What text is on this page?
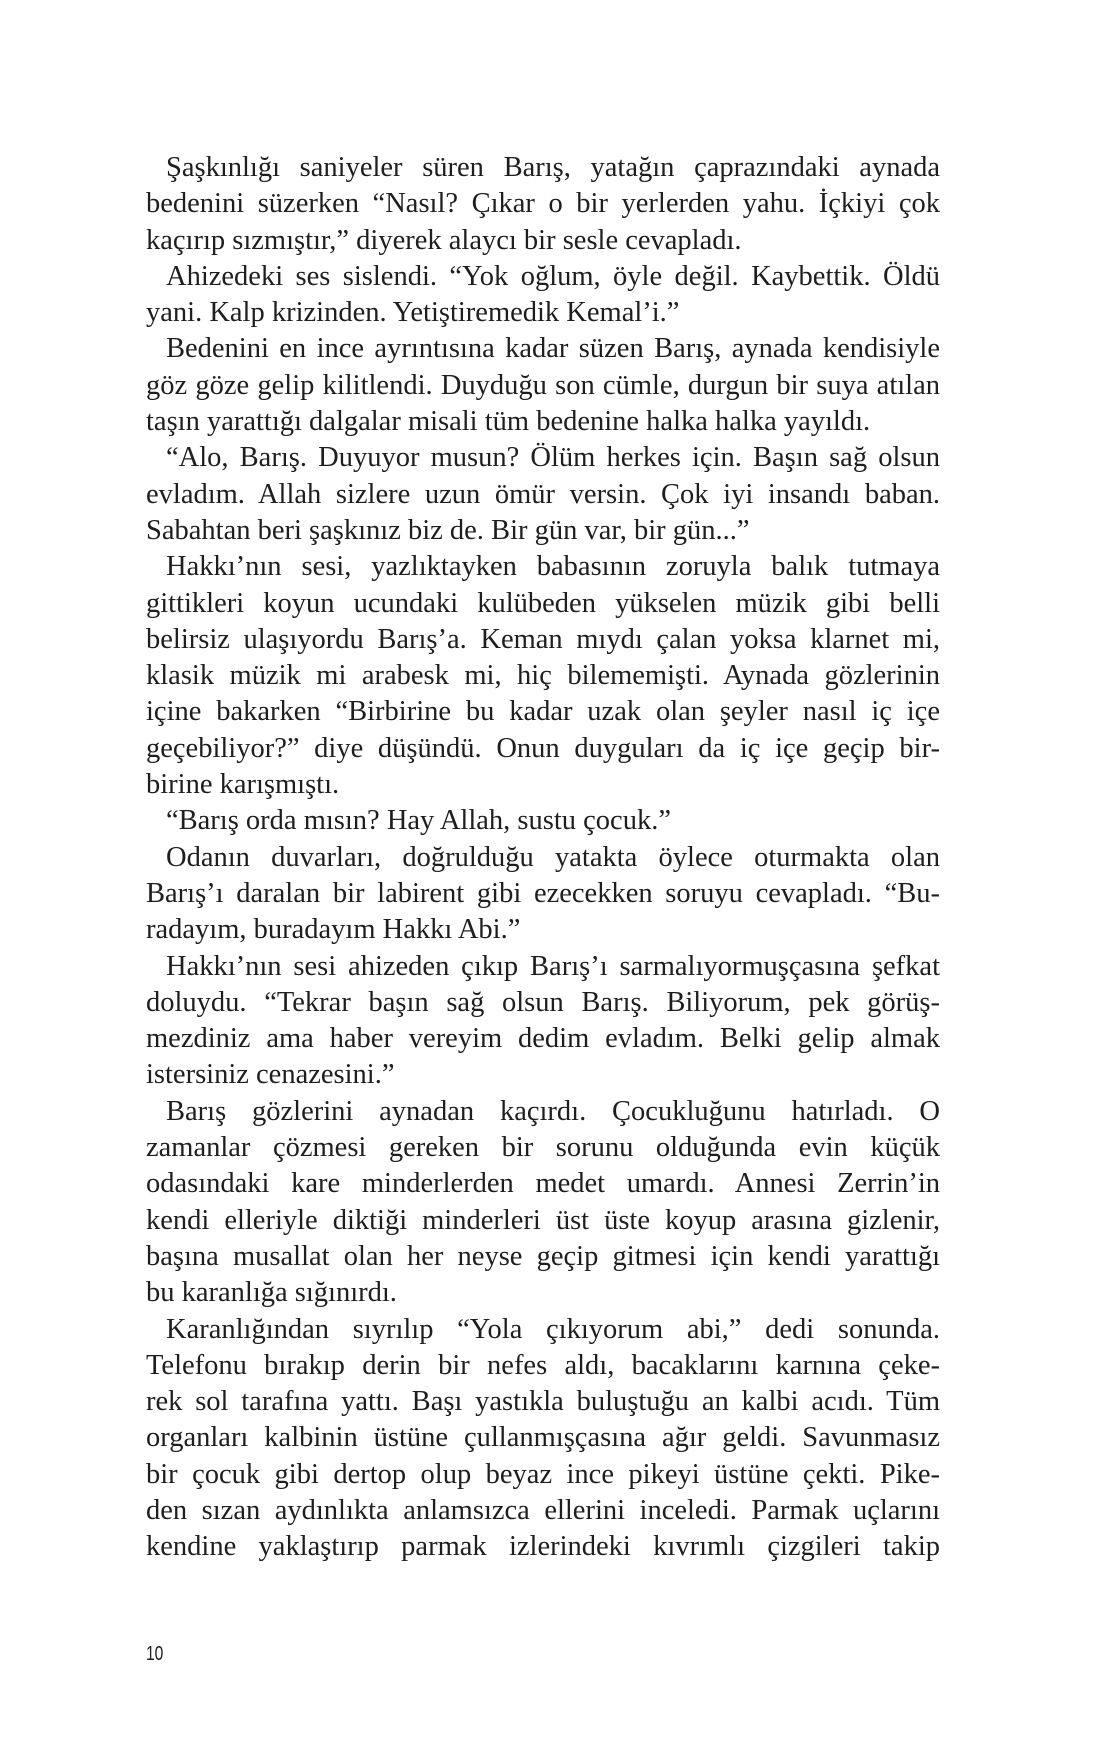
Şaşkınlığı saniyeler süren Barış, yatağın çaprazındaki aynada
bedenini süzerken “Nasıl? Çıkar o bir yerlerden yahu. İçkiyi çok
kaçırıp sızmıştır,” diyerek alaycı bir sesle cevapladı.
Ahizedeki ses sislendi. “Yok oğlum, öyle değil. Kaybettik. Öldü
yani. Kalp krizinden. Yetiştiremedik Kemal’i.”
Bedenini en ince ayrıntısına kadar süzen Barış, aynada kendisiyle
göz göze gelip kilitlendi. Duyduğu son cümle, durgun bir suya atılan
taşın yarattığı dalgalar misali tüm bedenine halka halka yayıldı.
“Alo, Barış. Duyuyor musun? Ölüm herkes için. Başın sağ olsun
evladım. Allah sizlere uzun ömür versin. Çok iyi insandı baban.
Sabahtan beri şaşkınız biz de. Bir gün var, bir gün...”
Hakkı’nın sesi, yazlıktayken babasının zoruyla balık tutmaya
gittikleri koyun ucundaki kulübeden yükselen müzik gibi belli
belirsiz ulaşıyordu Barış’a. Keman mıydı çalan yoksa klarnet mi,
klasik müzik mi arabesk mi, hiç bilememişti. Aynada gözlerinin
içine bakarken “Birbirine bu kadar uzak olan şeyler nasıl iç içe
geçebiliyor?” diye düşündü. Onun duyguları da iç içe geçip bir-
birine karışmıştı.
“Barış orda mısın? Hay Allah, sustu çocuk.”
Odanın duvarları, doğrulduğu yatakta öylece oturmakta olan
Barış’ı daralan bir labirent gibi ezecekken soruyu cevapladı. “Bu-
radayım, buradayım Hakkı Abi.”
Hakkı’nın sesi ahizeden çıkıp Barış’ı sarmalıyormuşçasına şefkat
doluydu. “Tekrar başın sağ olsun Barış. Biliyorum, pek görüş-
mezdiniz ama haber vereyim dedim evladım. Belki gelip almak
istersiniz cenazesini.”
Barış gözlerini aynadan kaçırdı. Çocukluğunu hatırladı. O
zamanlar çözmesi gereken bir sorunu olduğunda evin küçük
odasındaki kare minderlerden medet umardı. Annesi Zerrin’in
kendi elleriyle diktiği minderleri üst üste koyup arasına gizlenir,
başına musallat olan her neyse geçip gitmesi için kendi yarattığı
bu karanlığa sığınırdı.
Karanlığından sıyrılıp “Yola çıkıyorum abi,” dedi sonunda.
Telefonu bırakıp derin bir nefes aldı, bacaklarını karnına çeke-
rek sol tarafına yattı. Başı yastıkla buluştuğu an kalbi acıdı. Tüm
organları kalbinin üstüne çullanmışçasına ağır geldi. Savunmasız
bir çocuk gibi dertop olup beyaz ince pikeyi üstüne çekti. Pike-
den sızan aydınlıkta anlamsızca ellerini inceledi. Parmak uçlarını
kendine yaklaştırıp parmak izlerindeki kıvrımlı çizgileri takip
10
